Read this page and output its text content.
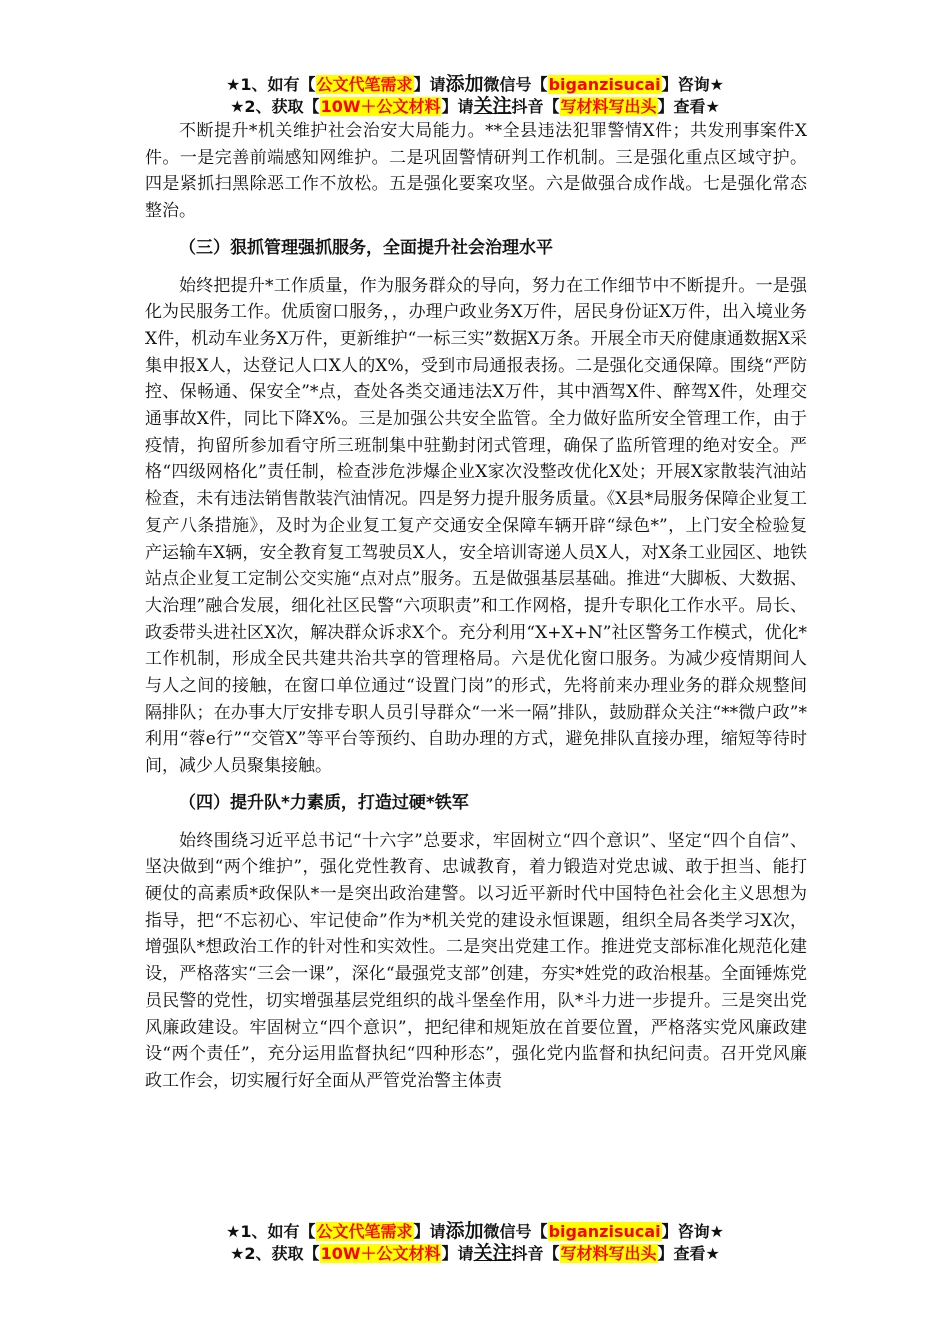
★1、如有【公文代笔需求】请添加微信号【biganzisucai】咨询★
★2、获取【10W＋公文材料】请关注抖音【写材料写出头】查看★

不断提升*机关维护社会治安大局能力。**全县违法犯罪警情X件；共发刑事案件X件。一是完善前端感知网维护。二是巩固警情研判工作机制。三是强化重点区域守护。四是紧抓扫黑除恶工作不放松。五是强化要案攻坚。六是做强合成作战。七是强化常态整治。

（三）狠抓管理强抓服务，全面提升社会治理水平

始终把提升*工作质量，作为服务群众的导向，努力在工作细节中不断提升。一是强化为民服务工作。优质窗口服务，，办理户政业务X万件，居民身份证X万件，出入境业务X件，机动车业务X万件，更新维护“一标三实”数据X万条。开展全市天府健康通数据X采集申报X人，达登记人口X人的X%，受到市局通报表扬。二是强化交通保障。围绕“严防控、保畅通、保安全”*点，查处各类交通违法X万件，其中酒驾X件、醉驾X件，处理交通事故X件，同比下降X%。三是加强公共安全监管。全力做好监所安全管理工作，由于疫情，拘留所参加看守所三班制集中驻勤封闭式管理，确保了监所管理的绝对安全。严格“四级网格化”责任制，检查涉危涉爆企业X家次没整改优化X处；开展X家散装汽油站检查，未有违法销售散装汽油情况。四是努力提升服务质量。《X县*局服务保障企业复工复产八条措施》，及时为企业复工复产交通安全保障车辆开辟“绿色*”，上门安全检验复产运输车X辆，安全教育复工驾驶员X人，安全培训寄递人员X人，对X条工业园区、地铁站点企业复工定制公交实施“点对点”服务。五是做强基层基础。推进“大脚板、大数据、大治理”融合发展，细化社区民警“六项职责”和工作网格，提升专职化工作水平。局长、政委带头进社区X次，解决群众诉求X个。充分利用“X+X+N”社区警务工作模式，优化*工作机制，形成全民共建共治共享的管理格局。六是优化窗口服务。为减少疫情期间人与人之间的接触，在窗口单位通过“设置门岗”的形式，先将前来办理业务的群众规整间隔排队；在办事大厅安排专职人员引导群众“一米一隔”排队，鼓励群众关注“**微户政”*利用“蓉e行”“交管X”等平台等预约、自助办理的方式，避免排队直接办理，缩短等待时间，减少人员聚集接触。

（四）提升队*力素质，打造过硬*铁军

始终围绕习近平总书记“十六字”总要求，牢固树立“四个意识”、坚定“四个自信”、坚决做到“两个维护”，强化党性教育、忠诚教育，着力锻造对党忠诚、敢于担当、能打硬仗的高素质*政保队*一是突出政治建警。以习近平新时代中国特色社会化主义思想为指导，把“不忘初心、牢记使命”作为*机关党的建设永恒课题，组织全局各类学习X次，增强队*想政治工作的针对性和实效性。二是突出党建工作。推进党支部标准化规范化建设，严格落实“三会一课”，深化“最强党支部”创建，夯实*姓党的政治根基。全面锤炼党员民警的党性，切实增强基层党组织的战斗堡垒作用，队*斗力进一步提升。三是突出党风廉政建设。牢固树立“四个意识”，把纪律和规矩放在首要位置，严格落实党风廉政建设“两个责任”，充分运用监督执纪“四种形态”，强化党内监督和执纪问责。召开党风廉政工作会，切实履行好全面从严管党治警主体责

★1、如有【公文代笔需求】请添加微信号【biganzisucai】咨询★
★2、获取【10W＋公文材料】请关注抖音【写材料写出头】查看★
